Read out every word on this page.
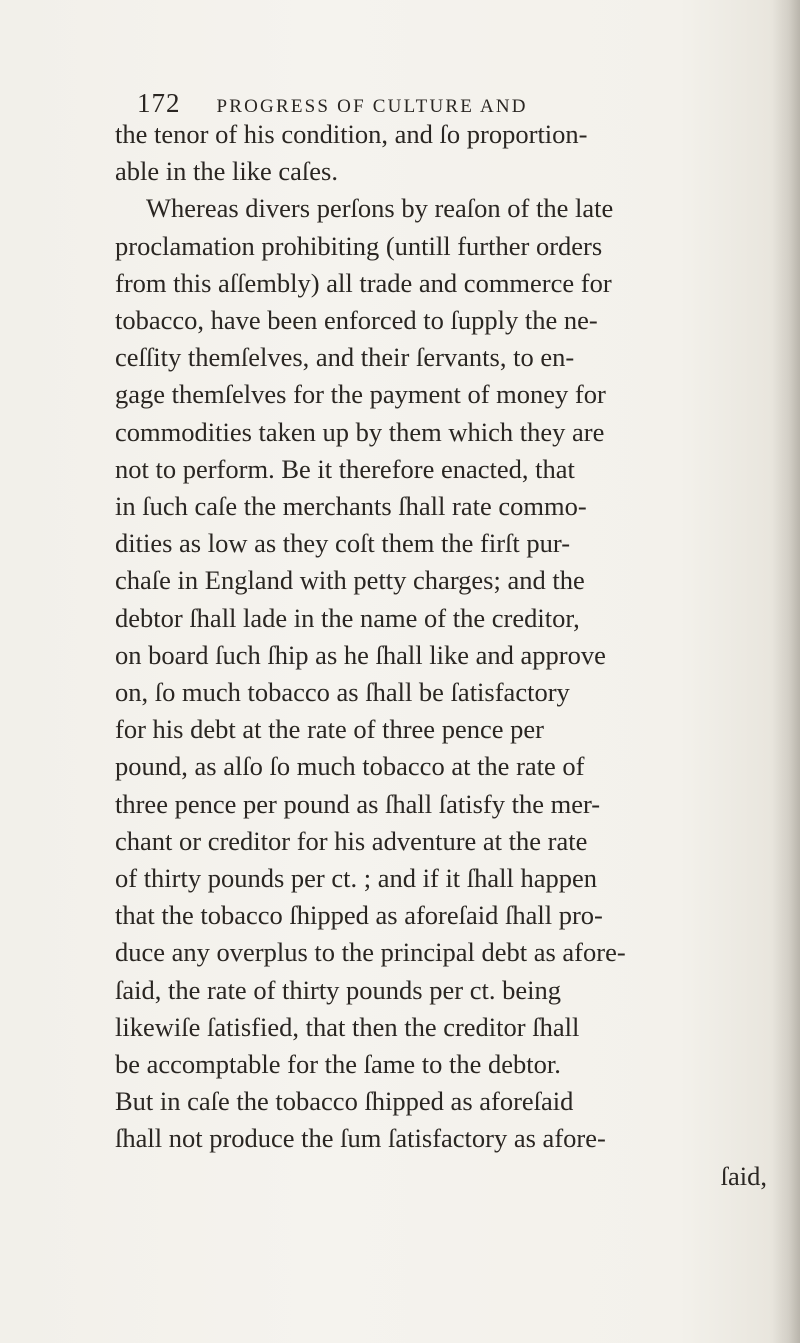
172 PROGRESS OF CULTURE AND
the tenor of his condition, and ſo proportion-
able in the like caſes.
Whereas divers perſons by reaſon of the late
proclamation prohibiting (untill further orders
from this aſſembly) all trade and commerce for
tobacco, have been enforced to ſupply the ne-
ceſſity themſelves, and their ſervants, to en-
gage themſelves for the payment of money for
commodities taken up by them which they are
not to perform. Be it therefore enacted, that
in ſuch caſe the merchants ſhall rate commo-
dities as low as they coſt them the firſt pur-
chaſe in England with petty charges; and the
debtor ſhall lade in the name of the creditor,
on board ſuch ſhip as he ſhall like and approve
on, ſo much tobacco as ſhall be ſatisfactory
for his debt at the rate of three pence per
pound, as alſo ſo much tobacco at the rate of
three pence per pound as ſhall ſatisfy the mer-
chant or creditor for his adventure at the rate
of thirty pounds per ct. ; and if it ſhall happen
that the tobacco ſhipped as aforeſaid ſhall pro-
duce any overplus to the principal debt as afore-
ſaid, the rate of thirty pounds per ct. being
likewiſe ſatisfied, that then the creditor ſhall
be accomptable for the ſame to the debtor.
But in caſe the tobacco ſhipped as aforeſaid
ſhall not produce the ſum ſatisfactory as afore-
ſaid,
